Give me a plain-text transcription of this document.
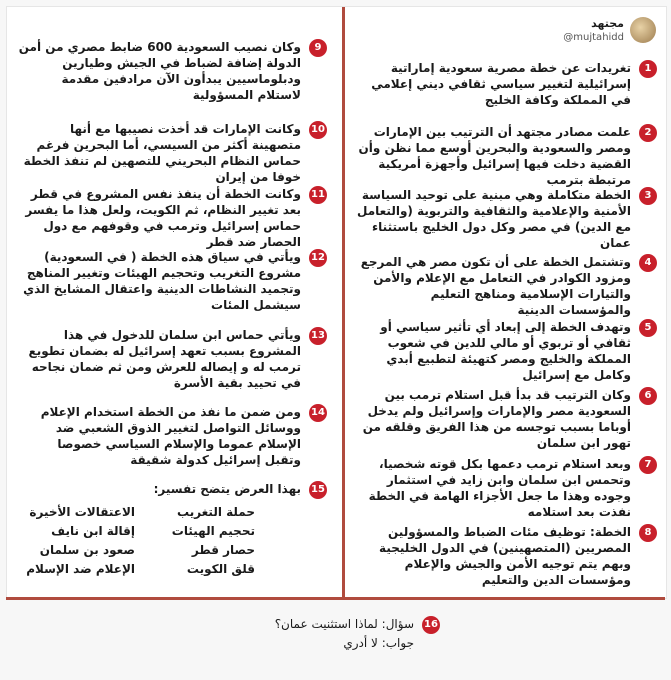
مجتهد
@mujtahidd
1
تغريدات عن خطة مصرية سعودية إماراتية إسرائيلية لتغيير سياسي ثقافي ديني إعلامي في المملكة وكافة الخليج
2
علمت مصادر مجتهد أن الترتيب بين الإمارات ومصر والسعودية والبحرين أوسع مما نظن وأن القضية دخلت فيها إسرائيل وأجهزة أمريكية مرتبطة بترمب
3
الخطة متكاملة وهي مبنية على توحيد السياسة الأمنية والإعلامية والثقافية والتربوية (والتعامل مع الدين) في مصر وكل دول الخليج باستثناء عمان
4
وتشتمل الخطة على أن تكون مصر هي المرجع ومزود الكوادر في التعامل مع الإعلام والأمن والتيارات الإسلامية ومناهج التعليم والمؤسسات الدينية
5
وتهدف الخطة إلى إبعاد أي تأثير سياسي أو ثقافي أو تربوي أو مالي للدين في شعوب المملكة والخليج ومصر كتهيئة لتطبيع أبدي وكامل مع إسرائيل
6
وكان الترتيب قد بدأ قبل استلام ترمب بين السعودية مصر والإمارات وإسرائيل ولم يدخل أوباما بسبب توجسه من هذا الفريق وقلقه من تهور ابن سلمان
7
وبعد استلام ترمب دعمها بكل قوته شخصيا، وتحمس ابن سلمان وابن زايد في استثمار وجوده وهذا ما جعل الأجزاء الهامة في الخطة نفذت بعد استلامه
8
الخطة: توظيف مئات الضباط والمسؤولين المصريين (المتصهينين) في الدول الخليجية وبهم يتم توجيه الأمن والجيش والإعلام ومؤسسات الدين والتعليم
9
وكان نصيب السعودية 600 ضابط مصري من أمن الدولة إضافة لضباط في الجيش وطيارين ودبلوماسيين يبدأون الآن مرادفين مقدمة لاستلام المسؤولية
10
وكانت الإمارات قد أخذت نصيبها مع أنها متصهينة أكثر من السيسي، أما البحرين فرغم حماس النظام البحريني للتصهين لم تنفذ الخطة خوفا من إيران
11
وكانت الخطة أن ينفذ نفس المشروع في قطر بعد تغيير النظام، ثم الكويت، ولعل هذا ما يفسر حماس إسرائيل وترمب في وقوفهم مع دول الحصار ضد قطر
12
ويأتي في سياق هذه الخطة ( في السعودية) مشروع التغريب وتحجيم الهيئات وتغيير المناهج وتجميد النشاطات الدينية واعتقال المشايخ الذي سيشمل المئات
13
ويأتي حماس ابن سلمان للدخول في هذا المشروع بسبب تعهد إسرائيل له بضمان تطويع ترمب له و إيصاله للعرش ومن ثم ضمان نجاحه في تحييد بقية الأسرة
14
ومن ضمن ما نفذ من الخطة استخدام الإعلام ووسائل التواصل لتغيير الذوق الشعبي ضد الإسلام عموما والإسلام السياسي خصوصا وتقبل إسرائيل كدولة شقيقة
15
بهذا العرض يتضح تفسير:
حملة التغريب
تحجيم الهيئات
حصار قطر
قلق الكويت
الاعتقالات الأخيرة
إقالة ابن نايف
صعود بن سلمان
الإعلام ضد الإسلام
16
سؤال: لماذا استثنيت عمان؟
جواب: لا أدري
